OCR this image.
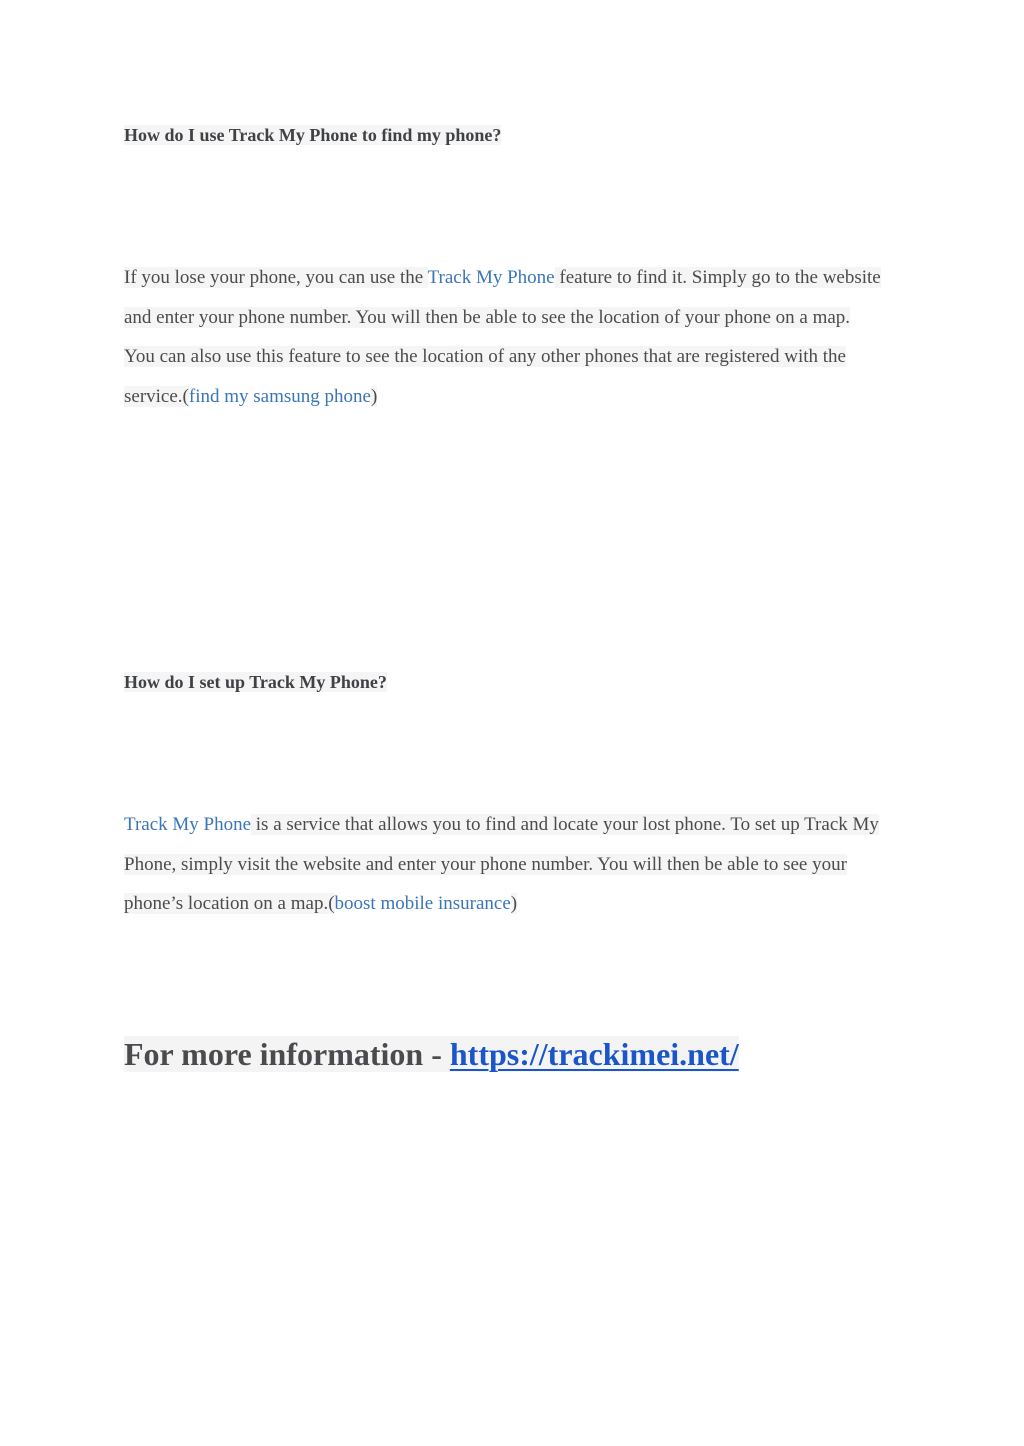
How do I use Track My Phone to find my phone?
If you lose your phone, you can use the Track My Phone feature to find it. Simply go to the website and enter your phone number. You will then be able to see the location of your phone on a map. You can also use this feature to see the location of any other phones that are registered with the service.(find my samsung phone)
How do I set up Track My Phone?
Track My Phone is a service that allows you to find and locate your lost phone. To set up Track My Phone, simply visit the website and enter your phone number. You will then be able to see your phone’s location on a map.(boost mobile insurance)
For more information - https://trackimei.net/
